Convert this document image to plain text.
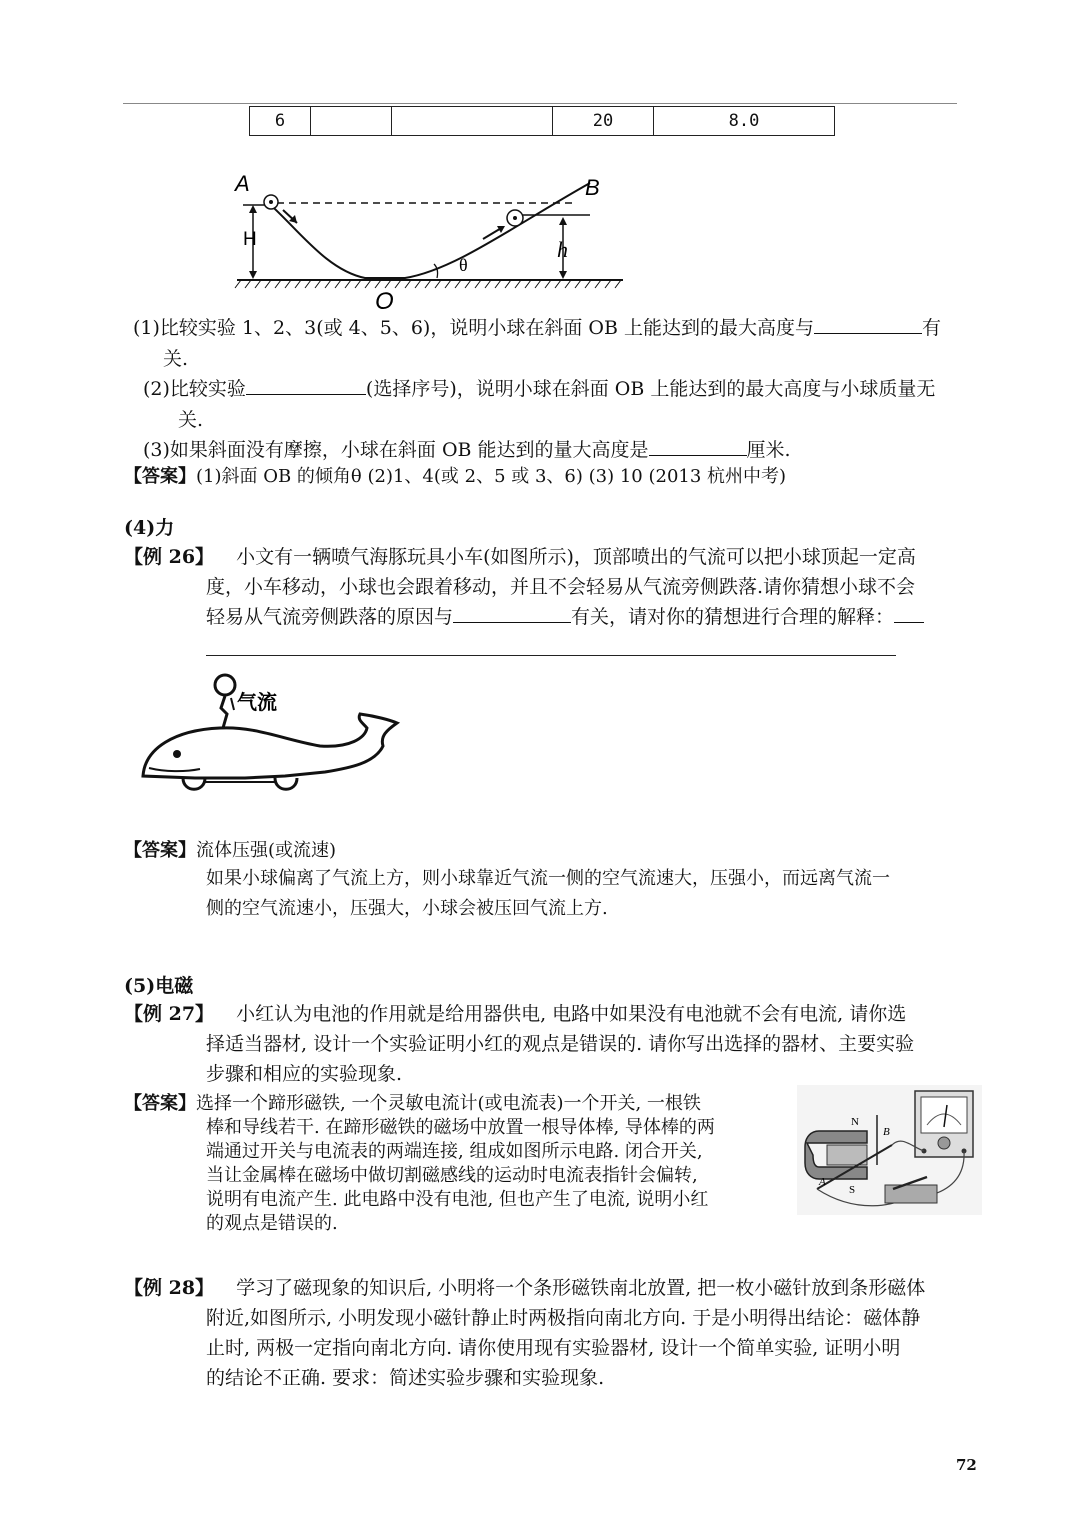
6			20	8.0
A	B
H	h
θ
O
(1)比较实验 1、2、3(或 4、5、6)，说明小球在斜面 OB 上能达到的最大高度与	有
关.
(2)比较实验	(选择序号)，说明小球在斜面 OB 上能达到的最大高度与小球质量无
关.
(3)如果斜面没有摩擦，小球在斜面 OB 能达到的量大高度是	厘米.
【答案】(1)斜面 OB 的倾角θ (2)1、4(或 2、5 或 3、6) (3) 10 (2013 杭州中考)
(4)力
【例 26】 小文有一辆喷气海豚玩具小车(如图所示)，顶部喷出的气流可以把小球顶起一定高
度，小车移动，小球也会跟着移动，并且不会轻易从气流旁侧跌落.请你猜想小球不会
轻易从气流旁侧跌落的原因与	有关，请对你的猜想进行合理的解释：
气流
【答案】流体压强(或流速)
如果小球偏离了气流上方，则小球靠近气流一侧的空气流速大，压强小，而远离气流一
侧的空气流速小，压强大，小球会被压回气流上方.
(5)电磁
【例 27】 小红认为电池的作用就是给用器供电, 电路中如果没有电池就不会有电流, 请你选
择适当器材, 设计一个实验证明小红的观点是错误的. 请你写出选择的器材、主要实验
步骤和相应的实验现象.
【答案】选择一个蹄形磁铁, 一个灵敏电流计(或电流表)一个开关, 一根铁
棒和导线若干. 在蹄形磁铁的磁场中放置一根导体棒, 导体棒的两
端通过开关与电流表的两端连接, 组成如图所示电路. 闭合开关,
当让金属棒在磁场中做切割磁感线的运动时电流表指针会偏转,
说明有电流产生. 此电路中没有电池, 但也产生了电流, 说明小红
的观点是错误的.
N
S
A
B
【例 28】 学习了磁现象的知识后, 小明将一个条形磁铁南北放置, 把一枚小磁针放到条形磁体
附近,如图所示, 小明发现小磁针静止时两极指向南北方向. 于是小明得出结论：磁体静
止时, 两极一定指向南北方向. 请你使用现有实验器材, 设计一个简单实验, 证明小明
的结论不正确. 要求：简述实验步骤和实验现象.
72
